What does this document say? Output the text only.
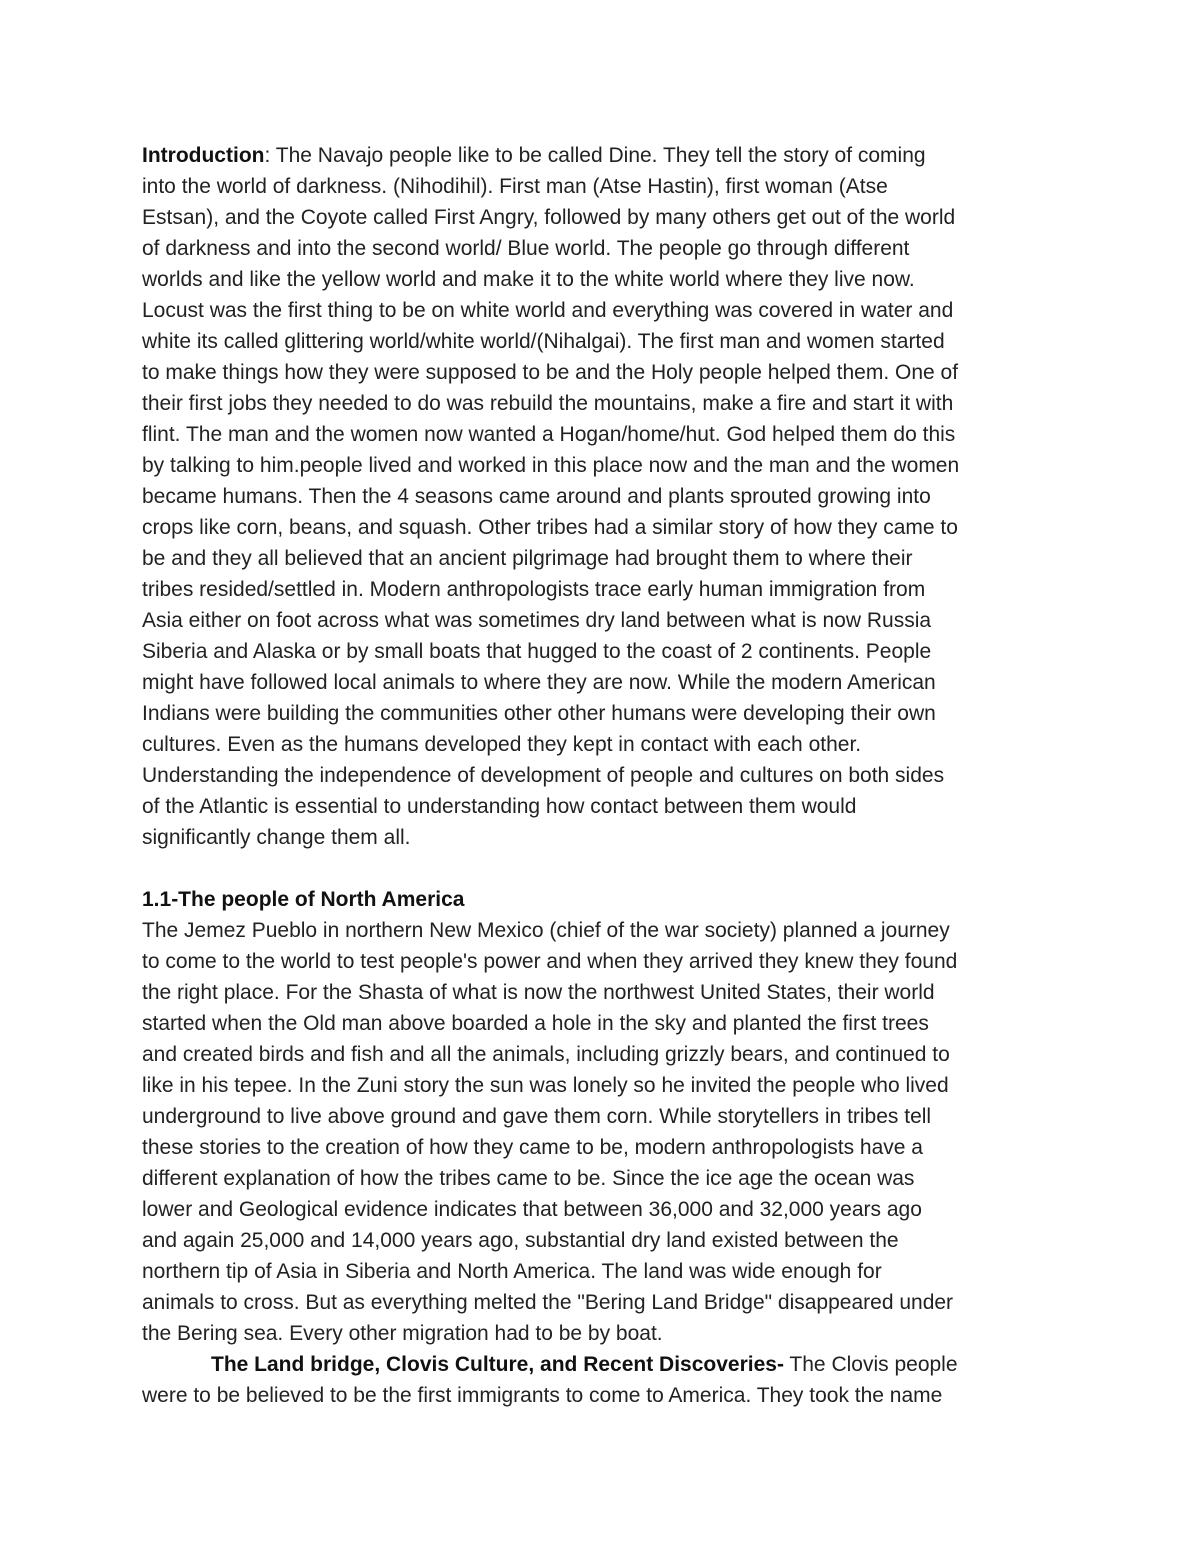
Introduction: The Navajo people like to be called Dine. They tell the story of coming
into the world of darkness. (Nihodihil). First man (Atse Hastin), first woman (Atse
Estsan), and the Coyote called First Angry, followed by many others get out of the world
of darkness and into the second world/ Blue world. The people go through different
worlds and like the yellow world and make it to the white world where they live now.
Locust was the first thing to be on white world and everything was covered in water and
white its called glittering world/white world/(Nihalgai). The first man and women started
to make things how they were supposed to be and the Holy people helped them. One of
their first jobs they needed to do was rebuild the mountains, make a fire and start it with
flint. The man and the women now wanted a Hogan/home/hut. God helped them do this
by talking to him.people lived and worked in this place now and the man and the women
became humans. Then the 4 seasons came around and plants sprouted growing into
crops like corn, beans, and squash. Other tribes had a similar story of how they came to
be and they all believed that an ancient pilgrimage had brought them to where their
tribes resided/settled in. Modern anthropologists trace early human immigration from
Asia either on foot across what was sometimes dry land between what is now Russia
Siberia and Alaska or by small boats that hugged to the coast of 2 continents. People
might have followed local animals to where they are now. While the modern American
Indians were building the communities other other humans were developing their own
cultures. Even as the humans developed they kept in contact with each other.
Understanding the independence of development of people and cultures on both sides
of the Atlantic is essential to understanding how contact between them would
significantly change them all.
1.1-The people of North America
The Jemez Pueblo in northern New Mexico (chief of the war society) planned a journey
to come to the world to test people's power and when they arrived they knew they found
the right place. For the Shasta of what is now the northwest United States, their world
started when the Old man above boarded a hole in the sky and planted the first trees
and created birds and fish and all the animals, including grizzly bears, and continued to
like in his tepee. In the Zuni story the sun was lonely so he invited the people who lived
underground to live above ground and gave them corn. While storytellers in tribes tell
these stories to the creation of how they came to be, modern anthropologists have a
different explanation of how the tribes came to be. Since the ice age the ocean was
lower and Geological evidence indicates that between 36,000 and 32,000 years ago
and again 25,000 and 14,000 years ago, substantial dry land existed between the
northern tip of Asia in Siberia and North America. The land was wide enough for
animals to cross. But as everything melted the "Bering Land Bridge" disappeared under
the Bering sea. Every other migration had to be by boat.
The Land bridge, Clovis Culture, and Recent Discoveries- The Clovis people
were to be believed to be the first immigrants to come to America. They took the name
